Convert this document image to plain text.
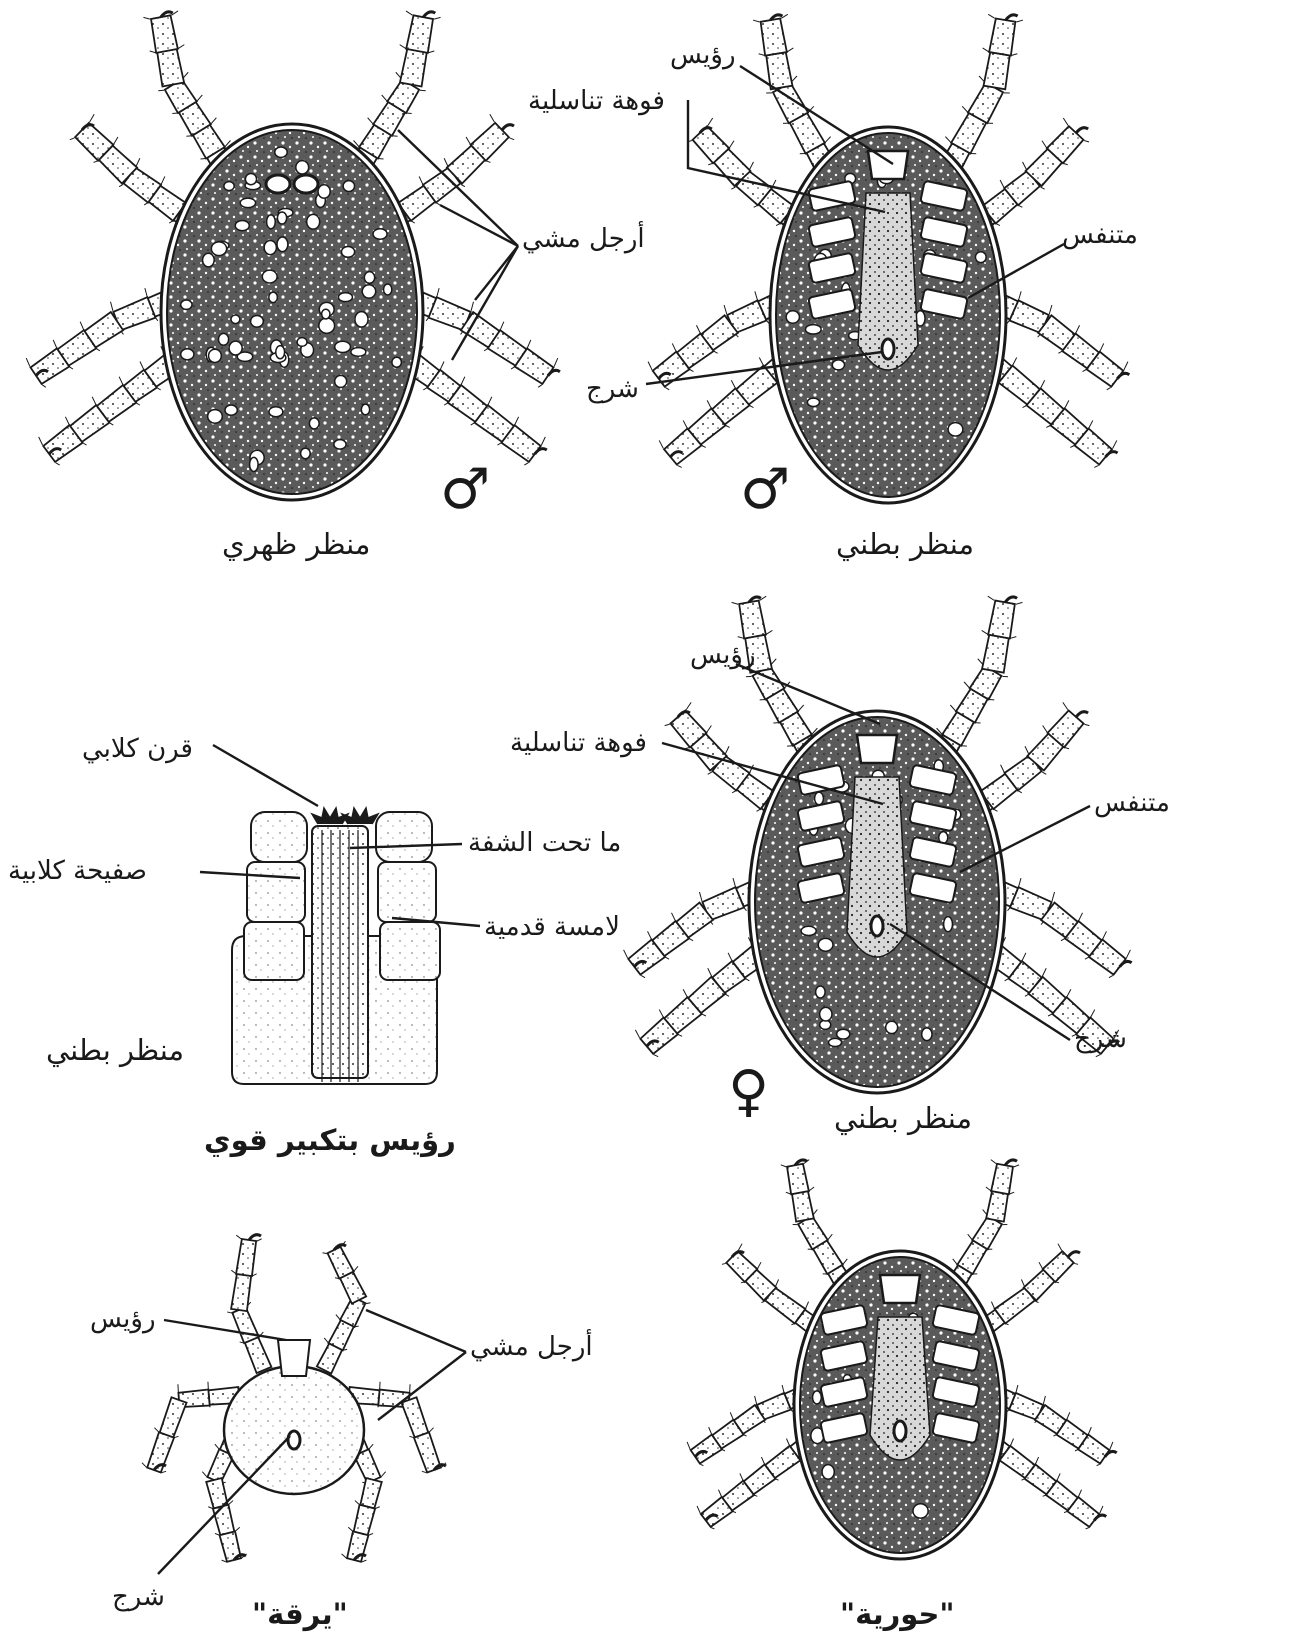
أرجل مشي
منظر ظهري
♂
رؤيس
فوهة تناسلية
متنفس
شرج
منظر بطني
♂
قرن كلابي
ما تحت الشفة
صفيحة كلابية
لامسة قدمية
منظر بطني
رؤيس بتكبير قوي
رؤيس
فوهة تناسلية
متنفس
شرج
منظر بطني
♀
رؤيس
أرجل مشي
شرج	"يرقة"	"حورية"
